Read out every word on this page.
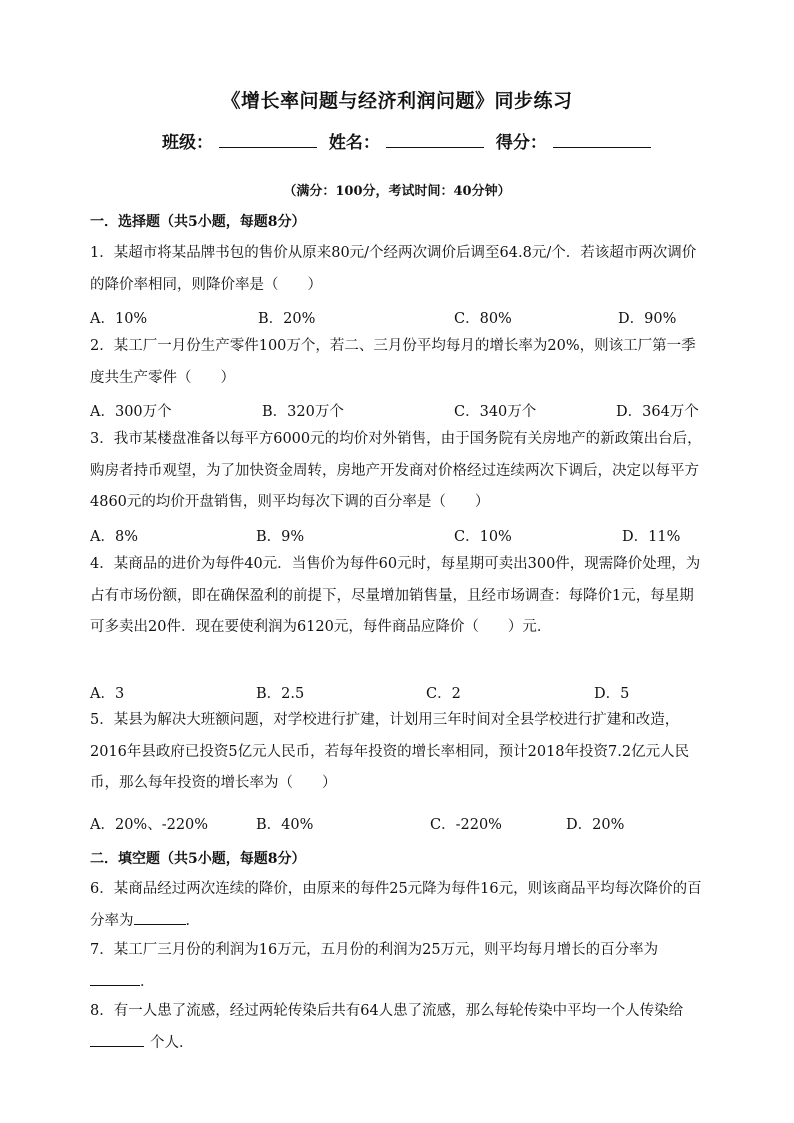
《增长率问题与经济利润问题》同步练习
班级：	姓名：	得分：
（满分：100分，考试时间：40分钟）
一．选择题（共5小题，每题8分）
1．某超市将某品牌书包的售价从原来80元/个经两次调价后调至64.8元/个．若该超市两次调价的降价率相同，则降价率是（　　）
A．10%	B．20%	C．80%	D．90%
2．某工厂一月份生产零件100万个，若二、三月份平均每月的增长率为20%，则该工厂第一季度共生产零件（　　）
A．300万个	B．320万个	C．340万个	D．364万个
3．我市某楼盘准备以每平方6000元的均价对外销售，由于国务院有关房地产的新政策出台后，购房者持币观望，为了加快资金周转，房地产开发商对价格经过连续两次下调后，决定以每平方4860元的均价开盘销售，则平均每次下调的百分率是（　　）
A．8%	B．9%	C．10%	D．11%
4．某商品的进价为每件40元．当售价为每件60元时，每星期可卖出300件，现需降价处理，为占有市场份额，即在确保盈利的前提下，尽量增加销售量，且经市场调查：每降价1元，每星期可多卖出20件．现在要使利润为6120元，每件商品应降价（　　）元．
A．3	B．2.5	C．2	D．5
5．某县为解决大班额问题，对学校进行扩建，计划用三年时间对全县学校进行扩建和改造，2016年县政府已投资5亿元人民币，若每年投资的增长率相同，预计2018年投资7.2亿元人民币，那么每年投资的增长率为（　　）
A．20%、-220%	B．40%	C．-220%	D．20%
二．填空题（共5小题，每题8分）
6．某商品经过两次连续的降价，由原来的每件25元降为每件16元，则该商品平均每次降价的百分率为	．
7．某工厂三月份的利润为16万元，五月份的利润为25万元，则平均每月增长的百分率为．
8．有一人患了流感，经过两轮传染后共有64人患了流感，那么每轮传染中平均一个人传染给个人．
